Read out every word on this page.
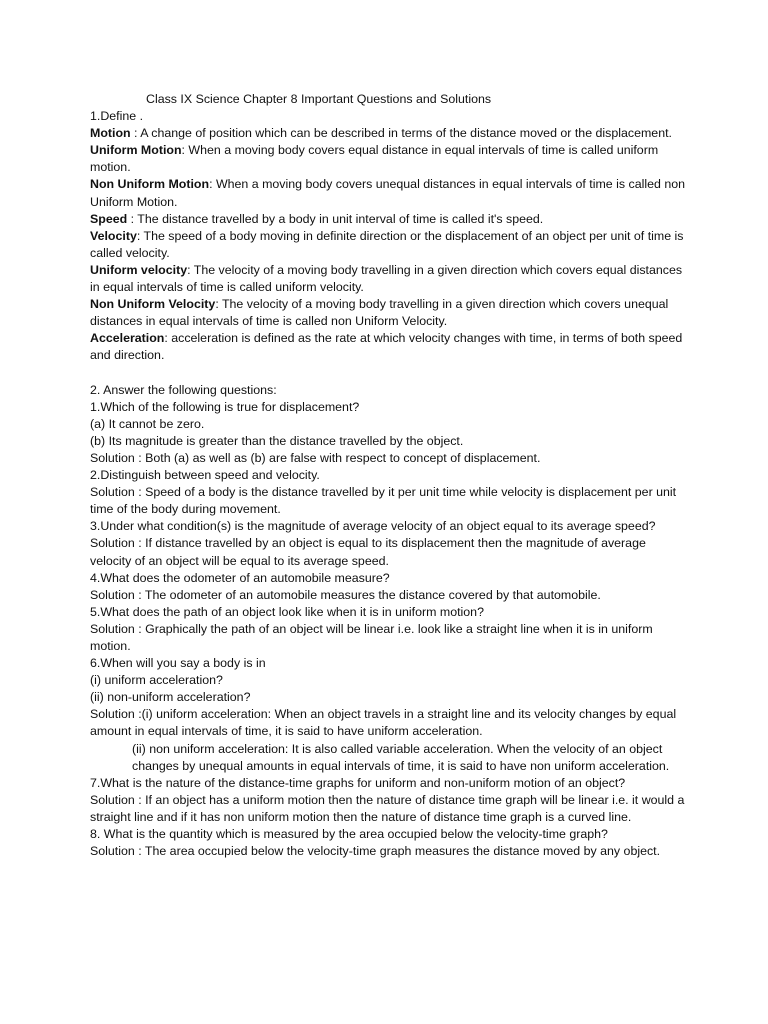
Class IX Science Chapter 8 Important Questions and Solutions

1.Define .

Motion : A change of position which can be described in terms of the distance moved or the displacement.

Uniform Motion: When a moving body covers equal distance in equal intervals of time is called uniform motion.

Non Uniform Motion: When a moving body covers unequal distances in equal intervals of time is called non Uniform Motion.

Speed : The distance travelled by a body in unit interval of time is called it's speed.

Velocity: The speed of a body moving in definite direction or the displacement of an object per unit of time is called velocity.

Uniform velocity: The velocity of a moving body travelling in a given direction which covers equal distances in equal intervals of time is called uniform velocity.

Non Uniform Velocity: The velocity of a moving body travelling in a given direction which covers unequal distances in equal intervals of time is called non Uniform Velocity.

Acceleration: acceleration is defined as the rate at which velocity changes with time, in terms of both speed and direction.

2. Answer the following questions:

1.Which of the following is true for displacement?

(a) It cannot be zero.

(b) Its magnitude is greater than the distance travelled by the object.

Solution : Both (a) as well as (b) are false with respect to concept of displacement.

2.Distinguish between speed and velocity.

Solution : Speed of a body is the distance travelled by it per unit time while velocity is displacement per unit time of the body during movement.

3.Under what condition(s) is the magnitude of average velocity of an object equal to its average speed?

Solution : If distance travelled by an object is equal to its displacement then the magnitude of average velocity of an object will be equal to its average speed.

4.What does the odometer of an automobile measure?

Solution : The odometer of an automobile measures the distance covered by that automobile.

5.What does the path of an object look like when it is in uniform motion?

Solution : Graphically the path of an object will be linear i.e. look like a straight line when it is in uniform motion.

6.When will you say a body is in

(i) uniform acceleration?

(ii) non-uniform acceleration?

Solution :(i) uniform acceleration: When an object travels in a straight line and its velocity changes by equal amount in equal intervals of time, it is said to have uniform acceleration.

(ii) non uniform acceleration: It is also called variable acceleration. When the velocity of an object changes by unequal amounts in equal intervals of time, it is said to have non uniform acceleration.

7.What is the nature of the distance-time graphs for uniform and non-uniform motion of an object?

Solution : If an object has a uniform motion then the nature of distance time graph will be linear i.e. it would a straight line and if it has non uniform motion then the nature of distance time graph is a curved line.

8. What is the quantity which is measured by the area occupied below the velocity-time graph?

Solution : The area occupied below the velocity-time graph measures the distance moved by any object.
